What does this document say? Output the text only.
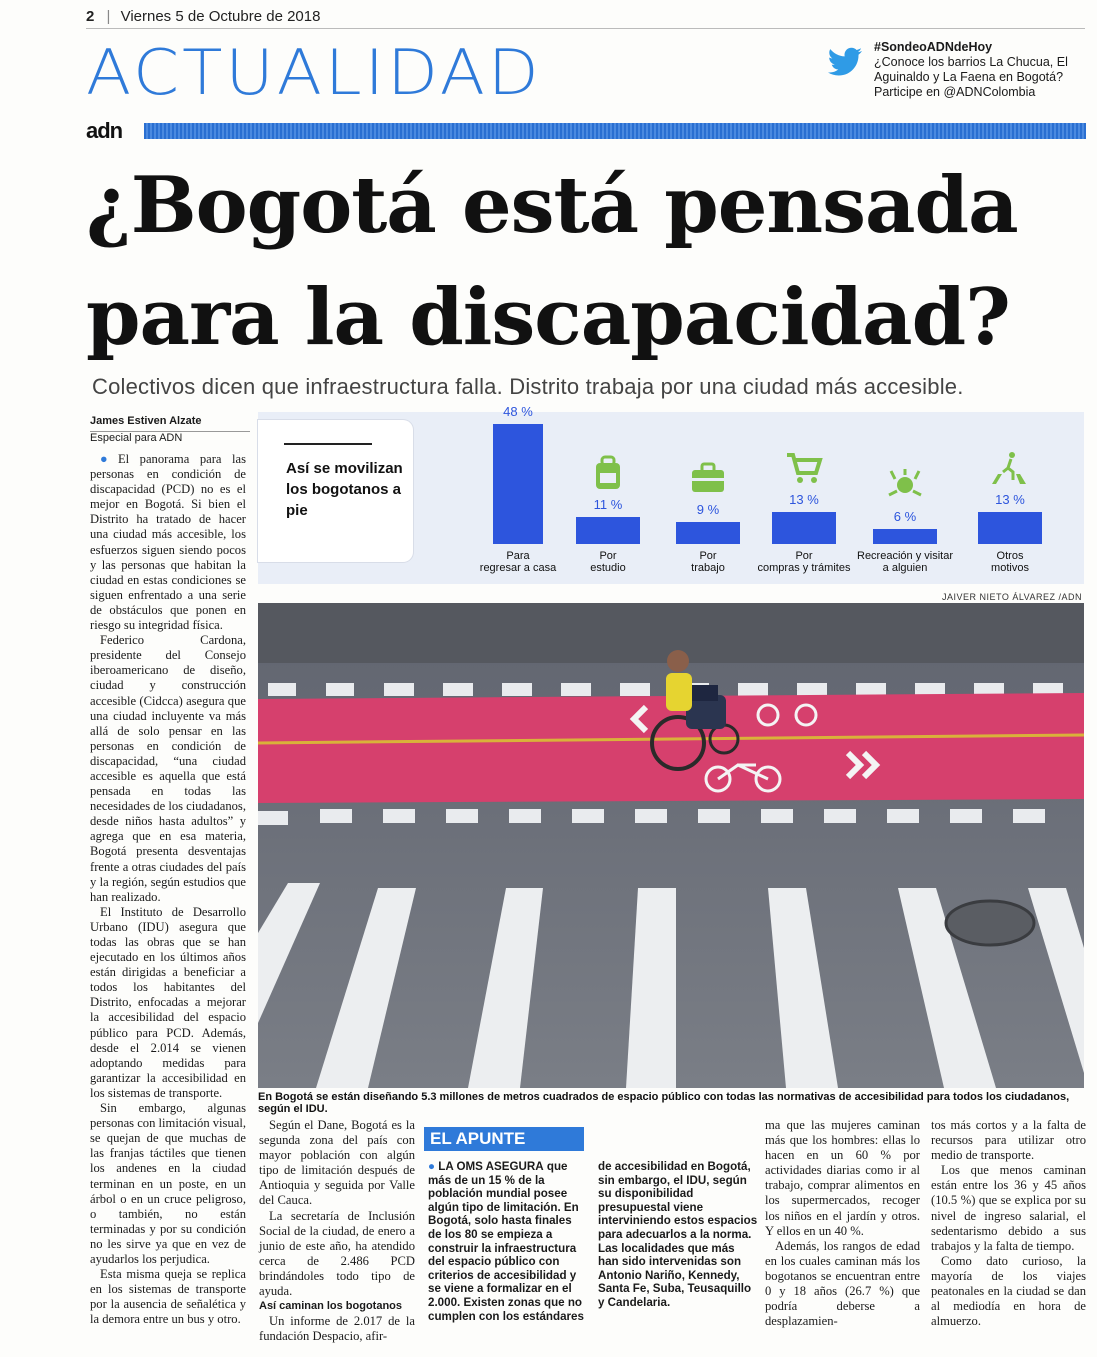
2 | Viernes 5 de Octubre de 2018
ACTUALIDAD	#SondeoADNdeHoy
¿Conoce los barrios La Chucua, El
Aguinaldo y La Faena en Bogotá?
Participe en @ADNColombia
adn
¿Bogotá está pensada
para la discapacidad?
Colectivos dicen que infraestructura falla. Distrito trabaja por una ciudad más accesible.
James Estiven Alzate
Especial para ADN

● El panorama para las personas en condición de discapacidad (PCD) no es el mejor en Bogotá. Si bien el Distrito ha tratado de hacer una ciudad más accesible, los esfuerzos siguen siendo pocos y las personas que habitan la ciudad en estas condiciones se siguen enfrentado a una serie de obstáculos que ponen en riesgo su integridad física.

Federico Cardona, presidente del Consejo iberoamericano de diseño, ciudad y construcción accesible (Cidcca) asegura que una ciudad incluyente va más allá de solo pensar en las personas en condición de discapacidad, “una ciudad accesible es aquella que está pensada en todas las necesidades de los ciudadanos, desde niños hasta adultos” y agrega que en esa materia, Bogotá presenta desventajas frente a otras ciudades del país y la región, según estudios que han realizado.

El Instituto de Desarrollo Urbano (IDU) asegura que todas las obras que se han ejecutado en los últimos años están dirigidas a beneficiar a todos los habitantes del Distrito, enfocadas a mejorar la accesibilidad del espacio público para PCD. Además, desde el 2.014 se vienen adoptando medidas para garantizar la accesibilidad en los sistemas de transporte.

Sin embargo, algunas personas con limitación visual, se quejan de que muchas de las franjas táctiles que tienen los andenes en la ciudad terminan en un poste, en un árbol o en un cruce peligroso, o también, no están terminadas y por su condición no les sirve ya que en vez de ayudarlos los perjudica.

Esta misma queja se replica en los sistemas de transporte por la ausencia de señalética y la demora entre un bus y otro.

Así se movilizan los bogotanos a pie
48 %
Para
regresar a casa
11 %
Por
estudio
9 %
Por
trabajo
13 %
Por
compras y trámites
6 %
Recreación y visitar
a alguien
13 %
Otros
motivos
JAIVER NIETO ÁLVAREZ /ADN
En Bogotá se están diseñando 5.3 millones de metros cuadrados de espacio público con todas las normativas de accesibilidad para todos los ciudadanos, según el IDU.

Según el Dane, Bogotá es la segunda zona del país con mayor población con algún tipo de limitación después de Antioquia y seguida por Valle del Cauca.

La secretaría de Inclusión Social de la ciudad, de enero a junio de este año, ha atendido cerca de 2.486 PCD brindándoles todo tipo de ayuda.

Así caminan los bogotanos

Un informe de 2.017 de la fundación Despacio, afir-

EL APUNTE
● LA OMS ASEGURA que más de un 15 % de la población mundial posee algún tipo de limitación. En Bogotá, solo hasta finales de los 80 se empieza a construir la infraestructura del espacio público con criterios de accesibilidad y se viene a formalizar en el 2.000. Existen zonas que no cumplen con los estándares
de accesibilidad en Bogotá, sin embargo, el IDU, según su disponibilidad presupuestal viene interviniendo estos espacios para adecuarlos a la norma. Las localidades que más han sido intervenidas son Antonio Nariño, Kennedy, Santa Fe, Suba, Teusaquillo y Candelaria.

ma que las mujeres caminan más que los hombres: ellas lo hacen en un 60 % por actividades diarias como ir al trabajo, comprar alimentos en los supermercados, recoger los niños en el jardín y otros. Y ellos en un 40 %.

Además, los rangos de edad en los cuales caminan más los bogotanos se encuentran entre 0 y 18 años (26.7 %) que podría deberse a desplazamien-

tos más cortos y a la falta de recursos para utilizar otro medio de transporte.

Los que menos caminan están entre los 36 y 45 años (10.5 %) que se explica por su nivel de ingreso salarial, el sedentarismo debido a sus trabajos y la falta de tiempo.

Como dato curioso, la mayoría de los viajes peatonales en la ciudad se dan al mediodía en hora de almuerzo.
